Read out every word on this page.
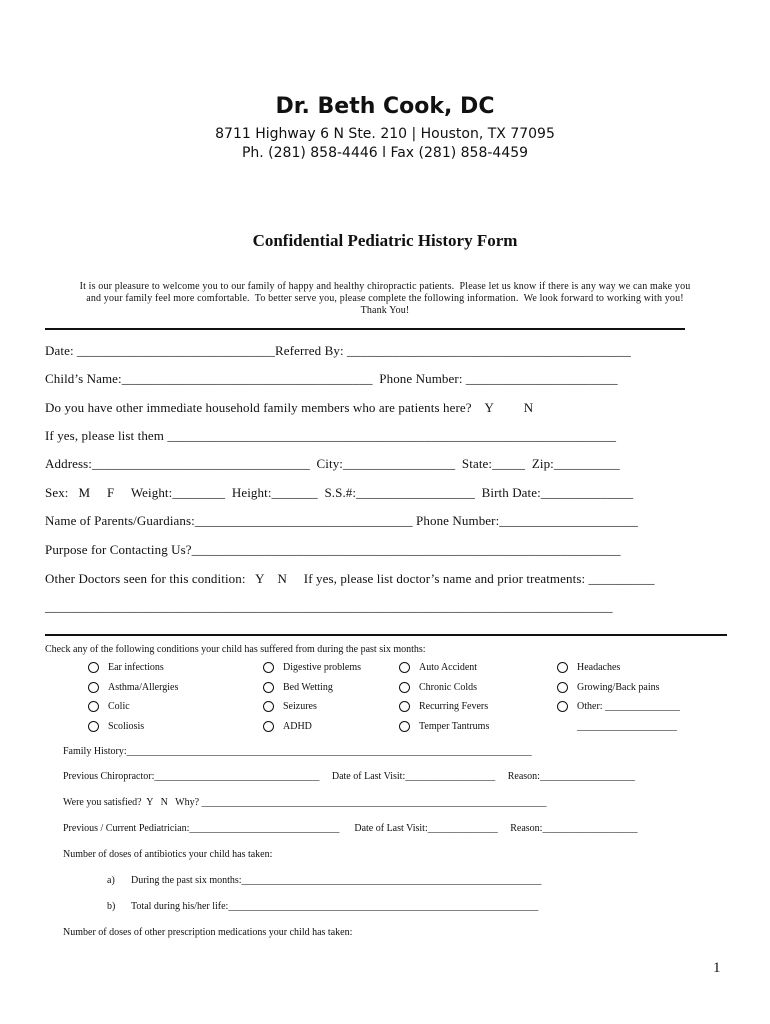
Dr. Beth Cook, DC
8711 Highway 6 N Ste. 210 | Houston, TX 77095
Ph. (281) 858-4446 l Fax (281) 858-4459
Confidential Pediatric History Form
It is our pleasure to welcome you to our family of happy and healthy chiropractic patients.  Please let us know if there is any way we can make you
and your family feel more comfortable.  To better serve you, please complete the following information.  We look forward to working with you!
Thank You!
Date: ______________________________Referred By: ___________________________________________
Child’s Name:______________________________________  Phone Number: _______________________
Do you have other immediate household family members who are patients here?    Y         N
If yes, please list them ____________________________________________________________________
Address:_________________________________  City:_________________  State:_____  Zip:__________
Sex:   M     F     Weight:________  Height:_______  S.S.#:__________________  Birth Date:______________
Name of Parents/Guardians:_________________________________ Phone Number:_____________________
Purpose for Contacting Us?_________________________________________________________________
Other Doctors seen for this condition:   Y    N     If yes, please list doctor’s name and prior treatments: __________
______________________________________________________________________________________
Check any of the following conditions your child has suffered from during the past six months:
Ear infections
Asthma/Allergies
Colic
Scoliosis
Digestive problems
Bed Wetting
Seizures
ADHD
Auto Accident
Chronic Colds
Recurring Fevers
Temper Tantrums
Headaches
Growing/Back pains
Other: _______________
____________________
Family History:_________________________________________________________________________________
Previous Chiropractor:_________________________________     Date of Last Visit:__________________     Reason:___________________
Were you satisfied?  Y   N   Why? _____________________________________________________________________
Previous / Current Pediatrician:______________________________      Date of Last Visit:______________     Reason:___________________
Number of doses of antibiotics your child has taken:
a) During the past six months:____________________________________________________________
b) Total during his/her life:______________________________________________________________
Number of doses of other prescription medications your child has taken:
1
